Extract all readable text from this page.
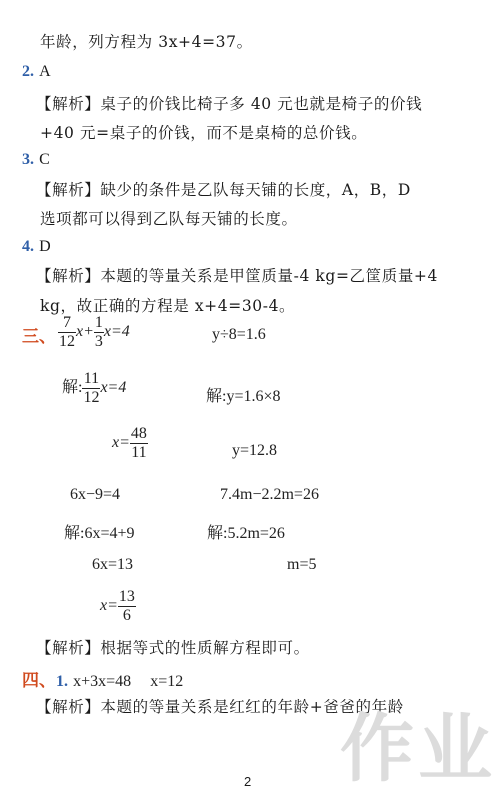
年龄，列方程为 3x+4=37。
2. A
【解析】桌子的价钱比椅子多 40 元也就是椅子的价钱
+40 元=桌子的价钱，而不是桌椅的总价钱。
3. C
【解析】缺少的条件是乙队每天铺的长度，A，B，D
选项都可以得到乙队每天铺的长度。
4. D
【解析】本题的等量关系是甲筐质量-4 kg=乙筐质量+4
kg，故正确的方程是 x+4=30-4。
三、 $\frac{7}{12} x+ \frac{1}{3} x=4$	y÷8=1.6
解: $\frac{11}{12} x=4$
解:y=1.6×8
$x= \frac{48}{11}$	y=12.8
6x−9=4	7.4m−2.2m=26
解:6x=4+9	解:5.2m=26
6x=13	m=5
$x= \frac{13}{6}$
【解析】根据等式的性质解方程即可。
四、1. x+3x=48 x=12
【解析】本题的等量关系是红红的年龄+爸爸的年龄
作业
2
